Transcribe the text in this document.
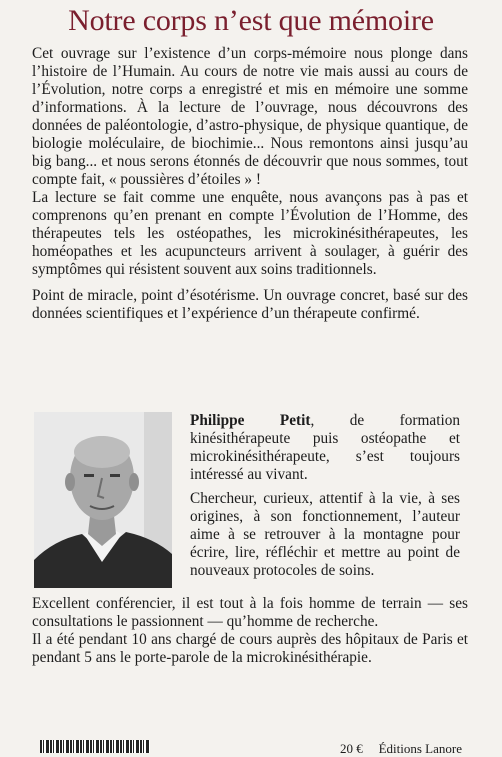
Notre corps n’est que mémoire

Cet ouvrage sur l’existence d’un corps-mémoire nous plonge dans l’histoire de l’Humain. Au cours de notre vie mais aussi au cours de l’Évolution, notre corps a enregistré et mis en mémoire une somme d’informations. À la lecture de l’ouvrage, nous découvrons des données de paléontologie, d’astro-physique, de physique quantique, de biologie moléculaire, de biochimie... Nous remontons ainsi jusqu’au big bang... et nous serons étonnés de découvrir que nous sommes, tout compte fait, « poussières d’étoiles » !

La lecture se fait comme une enquête, nous avançons pas à pas et comprenons qu’en prenant en compte l’Évolution de l’Homme, des thérapeutes tels les ostéopathes, les microkinésithérapeutes, les homéopathes et les acupuncteurs arrivent à soulager, à guérir des symptômes qui résistent souvent aux soins traditionnels.

Point de miracle, point d’ésotérisme. Un ouvrage concret, basé sur des données scientifiques et l’expérience d’un thérapeute confirmé.

Philippe Petit, de formation kinésithérapeute puis ostéopathe et microkinésithérapeute, s’est toujours intéressé au vivant.

Chercheur, curieux, attentif à la vie, à ses origines, à son fonctionnement, l’auteur aime à se retrouver à la montagne pour écrire, lire, réfléchir et mettre au point de nouveaux protocoles de soins.

Excellent conférencier, il est tout à la fois homme de terrain — ses consultations le passionnent — qu’homme de recherche.

Il a été pendant 10 ans chargé de cours auprès des hôpitaux de Paris et pendant 5 ans le porte-parole de la microkinésithérapie.

20 € Éditions Lanore
